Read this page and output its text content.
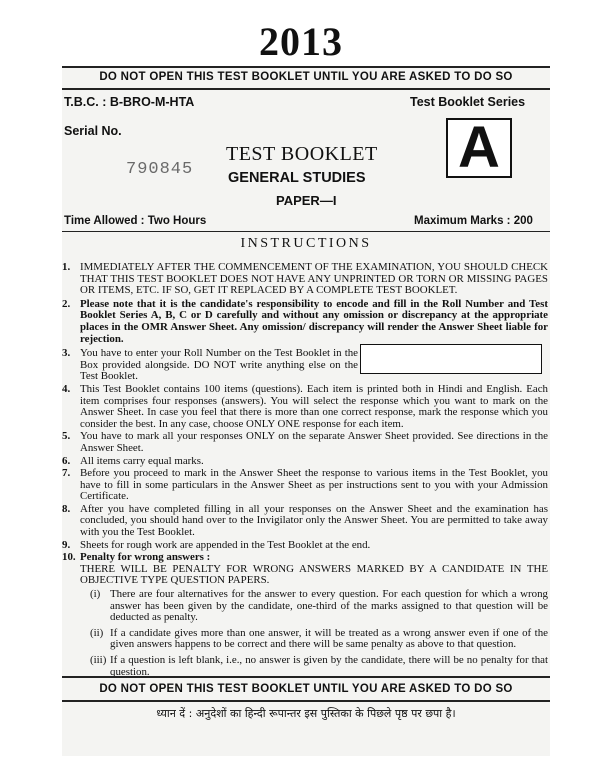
2013
DO NOT OPEN THIS TEST BOOKLET UNTIL YOU ARE ASKED TO DO SO
T.B.C. : B-BRO-M-HTA	Test Booklet Series
Serial No.
790845
TEST BOOKLET
GENERAL STUDIES
PAPER—I
A
Time Allowed : Two Hours	Maximum Marks : 200
INSTRUCTIONS
1. IMMEDIATELY AFTER THE COMMENCEMENT OF THE EXAMINATION, YOU SHOULD CHECK THAT THIS TEST BOOKLET DOES NOT HAVE ANY UNPRINTED OR TORN OR MISSING PAGES OR ITEMS, ETC. IF SO, GET IT REPLACED BY A COMPLETE TEST BOOKLET.
2. Please note that it is the candidate's responsibility to encode and fill in the Roll Number and Test Booklet Series A, B, C or D carefully and without any omission or discrepancy at the appropriate places in the OMR Answer Sheet. Any omission/ discrepancy will render the Answer Sheet liable for rejection.
3. You have to enter your Roll Number on the Test Booklet in the Box provided alongside. DO NOT write anything else on the Test Booklet.
4. This Test Booklet contains 100 items (questions). Each item is printed both in Hindi and English. Each item comprises four responses (answers). You will select the response which you want to mark on the Answer Sheet. In case you feel that there is more than one correct response, mark the response which you consider the best. In any case, choose ONLY ONE response for each item.
5. You have to mark all your responses ONLY on the separate Answer Sheet provided. See directions in the Answer Sheet.
6. All items carry equal marks.
7. Before you proceed to mark in the Answer Sheet the response to various items in the Test Booklet, you have to fill in some particulars in the Answer Sheet as per instructions sent to you with your Admission Certificate.
8. After you have completed filling in all your responses on the Answer Sheet and the examination has concluded, you should hand over to the Invigilator only the Answer Sheet. You are permitted to take away with you the Test Booklet.
9. Sheets for rough work are appended in the Test Booklet at the end.
10. Penalty for wrong answers :
THERE WILL BE PENALTY FOR WRONG ANSWERS MARKED BY A CANDIDATE IN THE OBJECTIVE TYPE QUESTION PAPERS.
(i) There are four alternatives for the answer to every question. For each question for which a wrong answer has been given by the candidate, one-third of the marks assigned to that question will be deducted as penalty.
(ii) If a candidate gives more than one answer, it will be treated as a wrong answer even if one of the given answers happens to be correct and there will be same penalty as above to that question.
(iii) If a question is left blank, i.e., no answer is given by the candidate, there will be no penalty for that question.
DO NOT OPEN THIS TEST BOOKLET UNTIL YOU ARE ASKED TO DO SO
ध्यान दें : अनुदेशों का हिन्दी रूपान्तर इस पुस्तिका के पिछले पृष्ठ पर छपा है।
